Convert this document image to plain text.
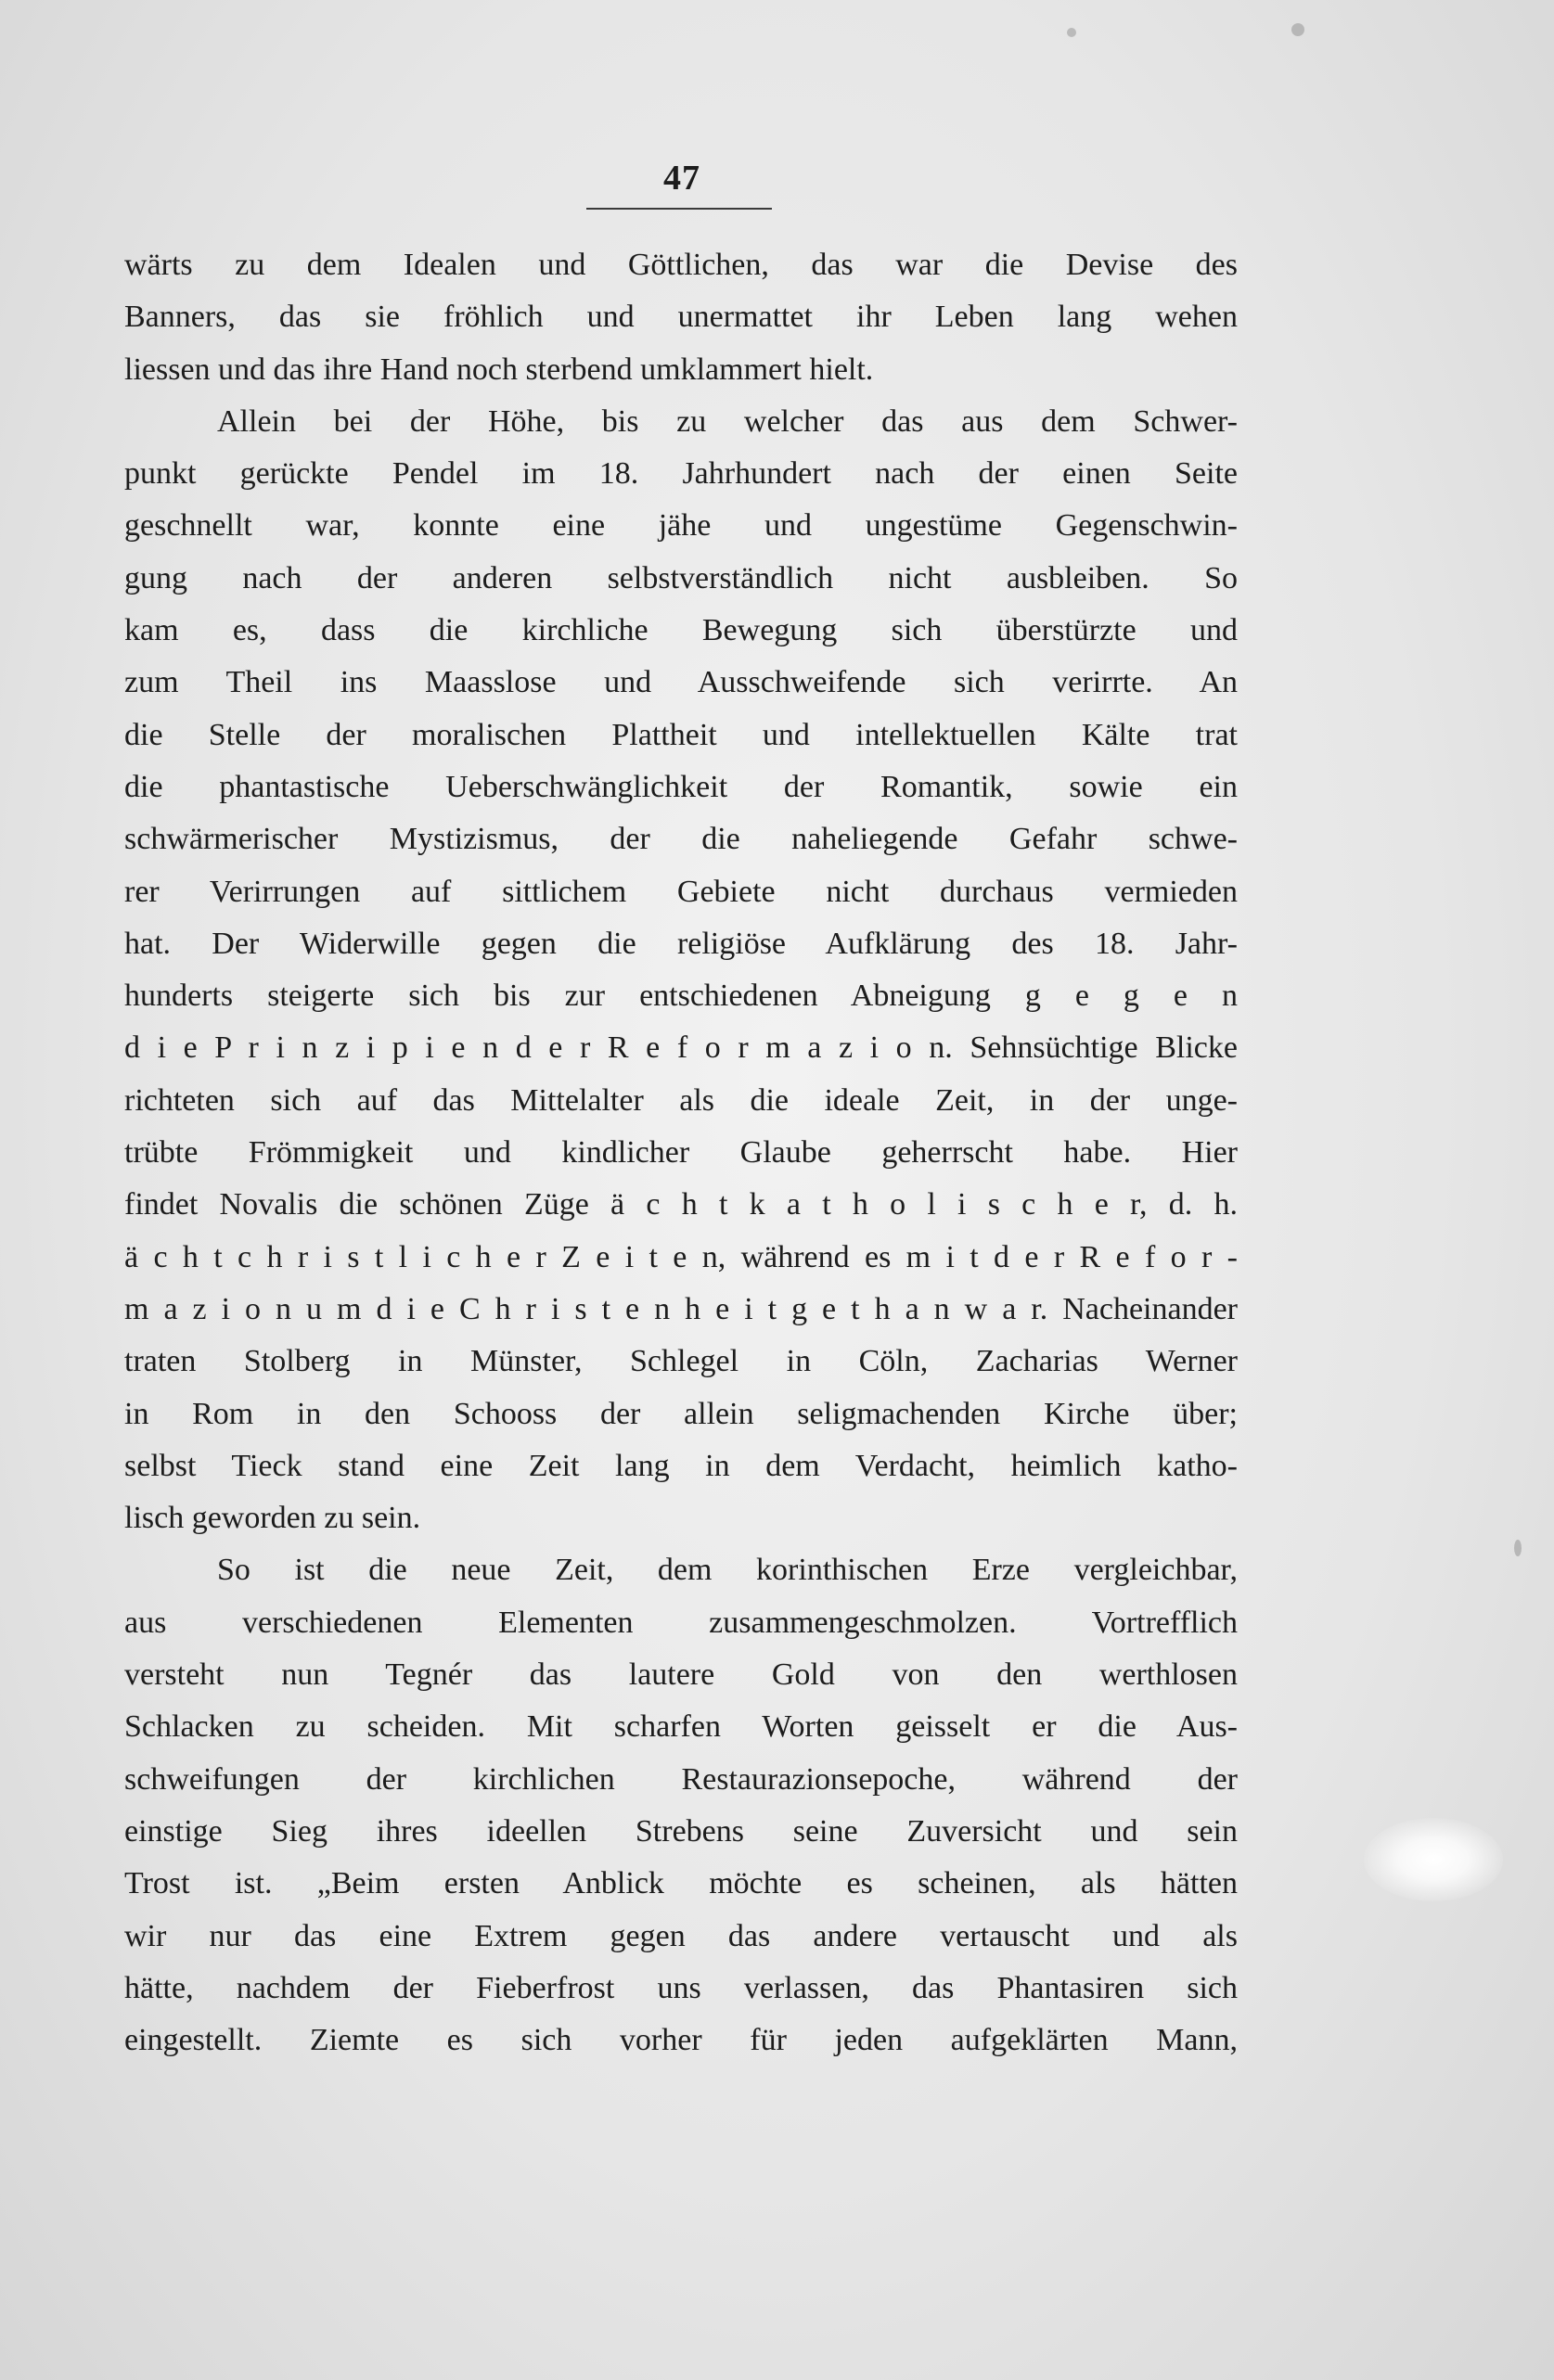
47
wärts zu dem Idealen und Göttlichen, das war die Devise des
Banners, das sie fröhlich und unermattet ihr Leben lang wehen
liessen und das ihre Hand noch sterbend umklammert hielt.
Allein bei der Höhe, bis zu welcher das aus dem Schwer-
punkt gerückte Pendel im 18. Jahrhundert nach der einen Seite
geschnellt war, konnte eine jähe und ungestüme Gegenschwin-
gung nach der anderen selbstverständlich nicht ausbleiben. So
kam es, dass die kirchliche Bewegung sich überstürzte und
zum Theil ins Maasslose und Ausschweifende sich verirrte. An
die Stelle der moralischen Plattheit und intellektuellen Kälte trat
die phantastische Ueberschwänglichkeit der Romantik, sowie ein
schwärmerischer Mystizismus, der die naheliegende Gefahr schwe-
rer Verirrungen auf sittlichem Gebiete nicht durchaus vermieden
hat. Der Widerwille gegen die religiöse Aufklärung des 18. Jahr-
hunderts steigerte sich bis zur entschiedenen Abneigung g e g e n
d i e P r i n z i p i e n d e r R e f o r m a z i o n. Sehnsüchtige Blicke
richteten sich auf das Mittelalter als die ideale Zeit, in der unge-
trübte Frömmigkeit und kindlicher Glaube geherrscht habe. Hier
findet Novalis die schönen Züge ä c h t k a t h o l i s c h e r, d. h.
ä c h t c h r i s t l i c h e r Z e i t e n, während es m i t d e r R e f o r -
m a z i o n u m d i e C h r i s t e n h e i t g e t h a n w a r. Nacheinander
traten Stolberg in Münster, Schlegel in Cöln, Zacharias Werner
in Rom in den Schooss der allein seligmachenden Kirche über;
selbst Tieck stand eine Zeit lang in dem Verdacht, heimlich katho-
lisch geworden zu sein.
So ist die neue Zeit, dem korinthischen Erze vergleichbar,
aus verschiedenen Elementen zusammengeschmolzen. Vortrefflich
versteht nun Tegnér das lautere Gold von den werthlosen
Schlacken zu scheiden. Mit scharfen Worten geisselt er die Aus-
schweifungen der kirchlichen Restaurazionsepoche, während der
einstige Sieg ihres ideellen Strebens seine Zuversicht und sein
Trost ist. „Beim ersten Anblick möchte es scheinen, als hätten
wir nur das eine Extrem gegen das andere vertauscht und als
hätte, nachdem der Fieberfrost uns verlassen, das Phantasiren sich
eingestellt. Ziemte es sich vorher für jeden aufgeklärten Mann,
